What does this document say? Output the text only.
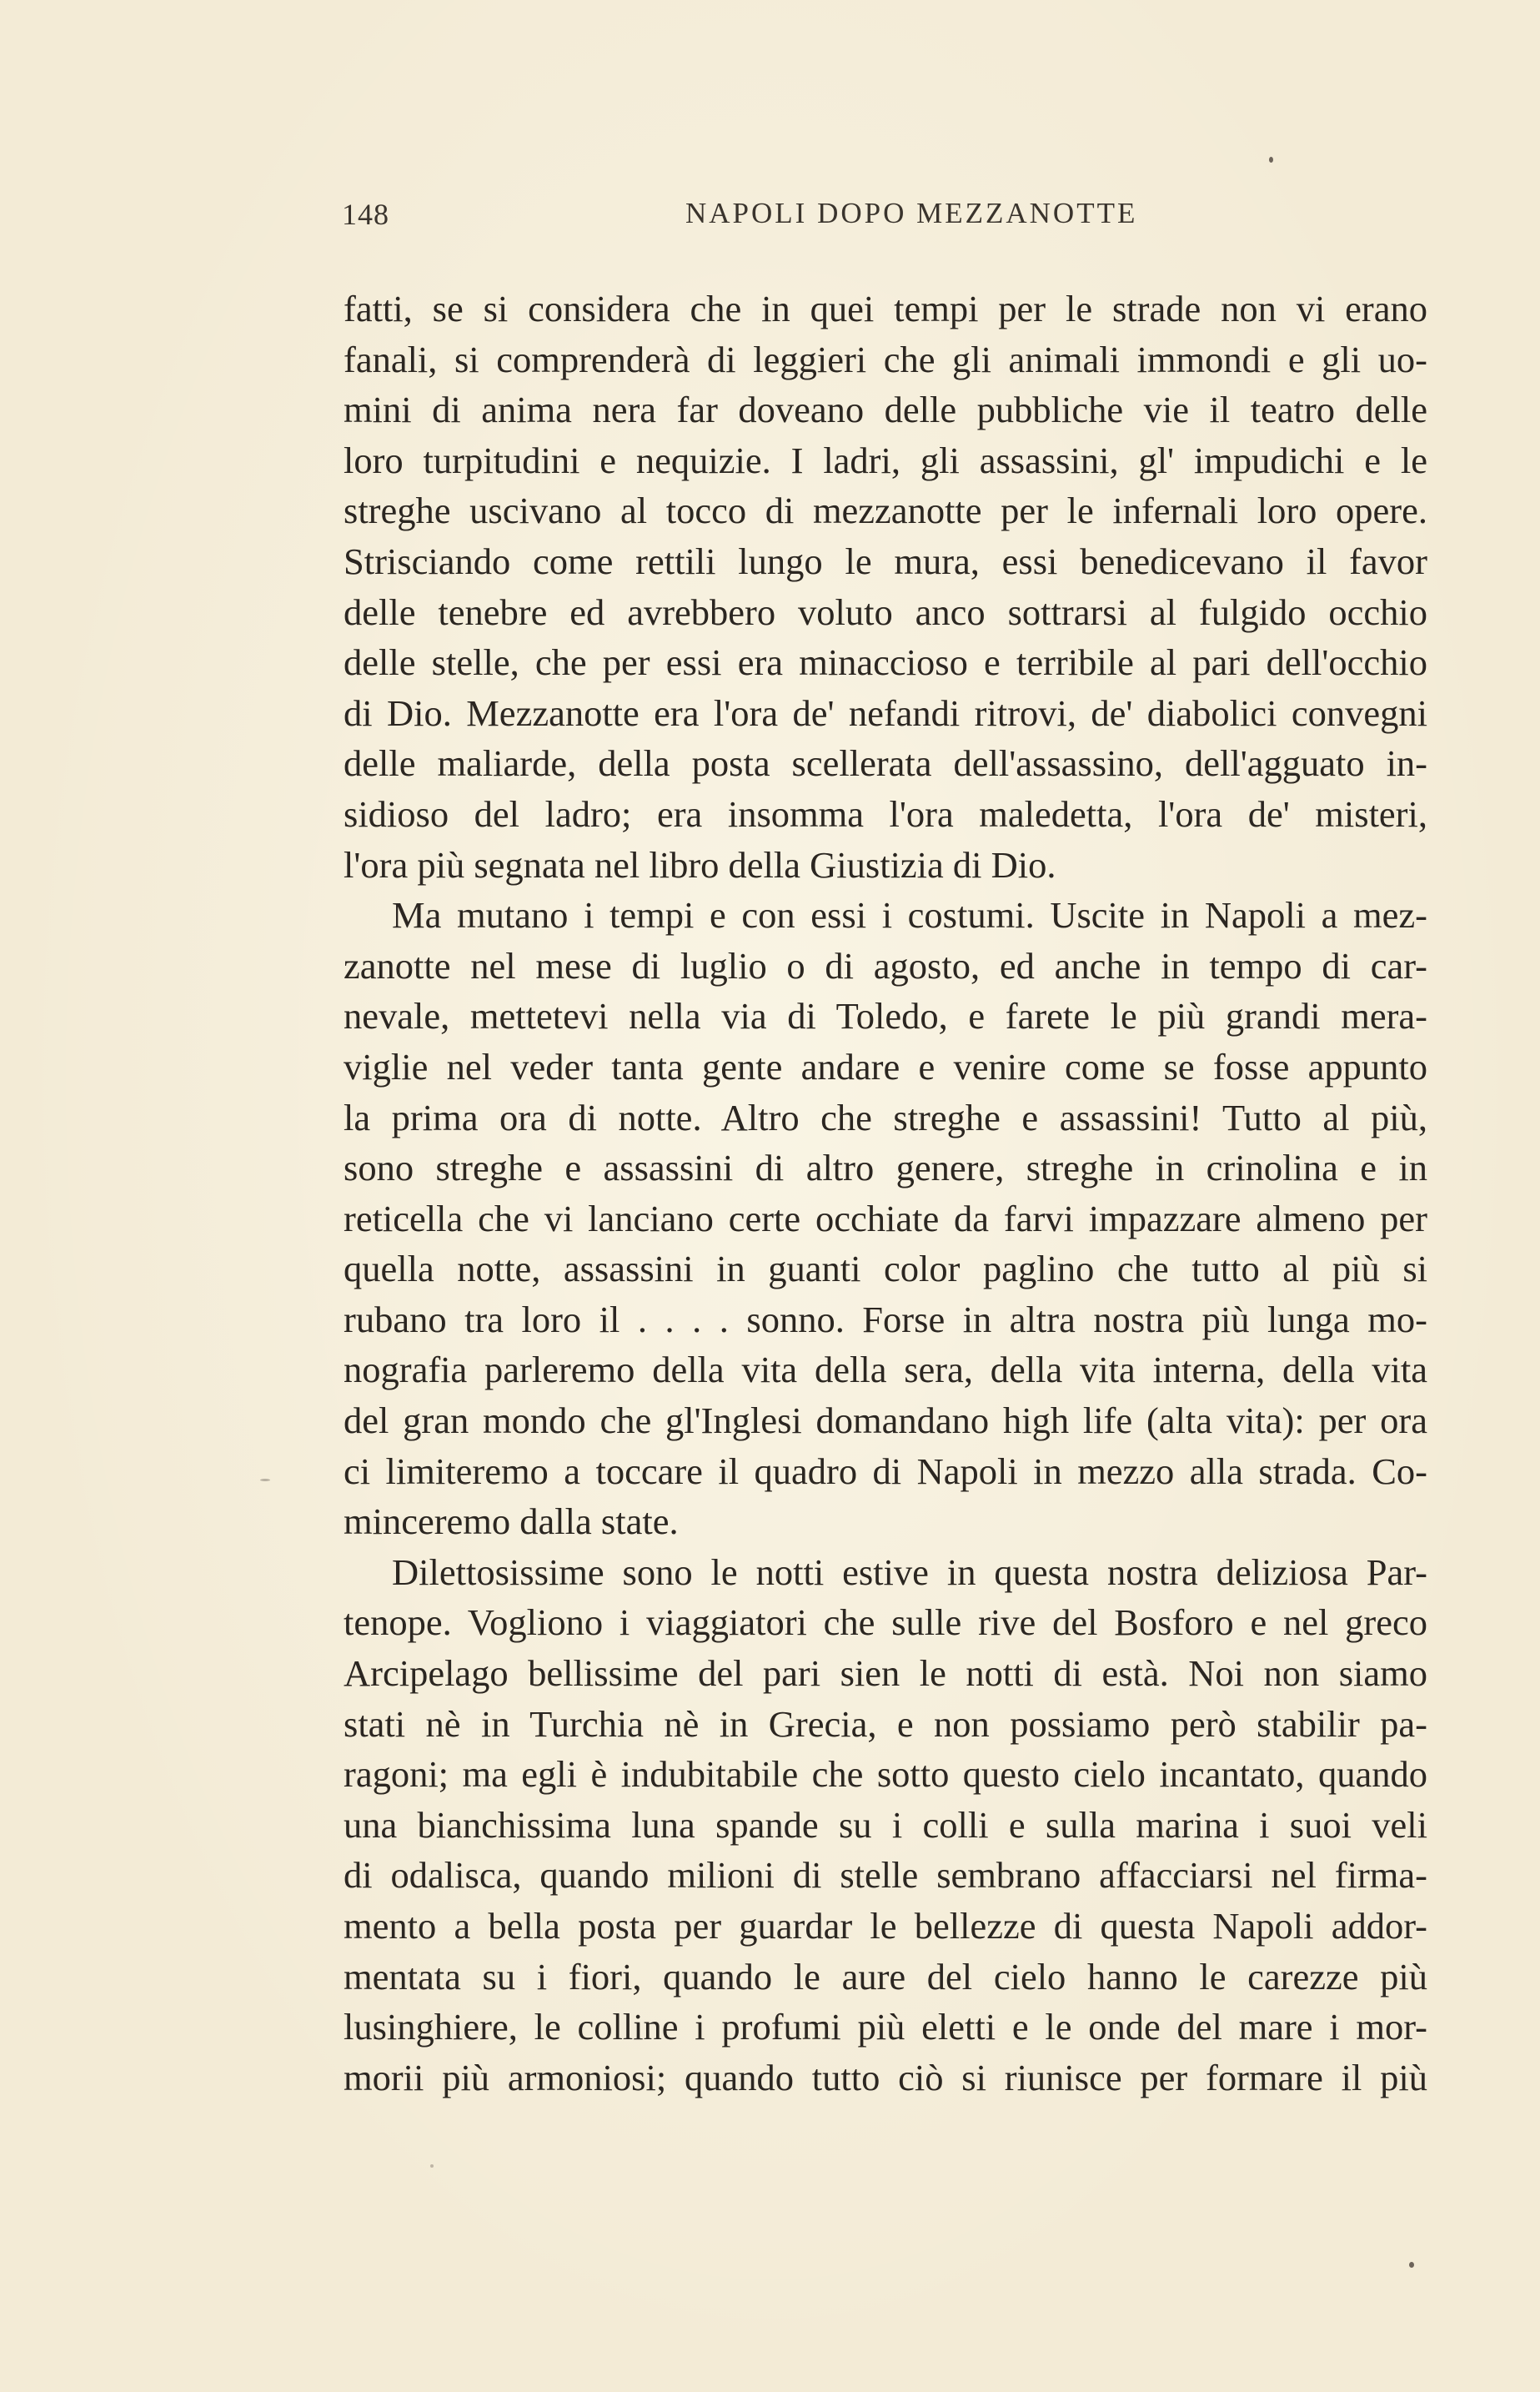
148	NAPOLI DOPO MEZZANOTTE
fatti, se si considera che in quei tempi per le strade non vi erano
fanali, si comprenderà di leggieri che gli animali immondi e gli uo-
mini di anima nera far doveano delle pubbliche vie il teatro delle
loro turpitudini e nequizie. I ladri, gli assassini, gl' impudichi e le
streghe uscivano al tocco di mezzanotte per le infernali loro opere.
Strisciando come rettili lungo le mura, essi benedicevano il favor
delle tenebre ed avrebbero voluto anco sottrarsi al fulgido occhio
delle stelle, che per essi era minaccioso e terribile al pari dell'occhio
di Dio. Mezzanotte era l'ora de' nefandi ritrovi, de' diabolici convegni
delle maliarde, della posta scellerata dell'assassino, dell'agguato in-
sidioso del ladro; era insomma l'ora maledetta, l'ora de' misteri,
l'ora più segnata nel libro della Giustizia di Dio.
Ma mutano i tempi e con essi i costumi. Uscite in Napoli a mez-
zanotte nel mese di luglio o di agosto, ed anche in tempo di car-
nevale, mettetevi nella via di Toledo, e farete le più grandi mera-
viglie nel veder tanta gente andare e venire come se fosse appunto
la prima ora di notte. Altro che streghe e assassini! Tutto al più,
sono streghe e assassini di altro genere, streghe in crinolina e in
reticella che vi lanciano certe occhiate da farvi impazzare almeno per
quella notte, assassini in guanti color paglino che tutto al più si
rubano tra loro il . . . . sonno. Forse in altra nostra più lunga mo-
nografia parleremo della vita della sera, della vita interna, della vita
del gran mondo che gl'Inglesi domandano high life (alta vita): per ora
ci limiteremo a toccare il quadro di Napoli in mezzo alla strada. Co-
minceremo dalla state.
Dilettosissime sono le notti estive in questa nostra deliziosa Par-
tenope. Vogliono i viaggiatori che sulle rive del Bosforo e nel greco
Arcipelago bellissime del pari sien le notti di està. Noi non siamo
stati nè in Turchia nè in Grecia, e non possiamo però stabilir pa-
ragoni; ma egli è indubitabile che sotto questo cielo incantato, quando
una bianchissima luna spande su i colli e sulla marina i suoi veli
di odalisca, quando milioni di stelle sembrano affacciarsi nel firma-
mento a bella posta per guardar le bellezze di questa Napoli addor-
mentata su i fiori, quando le aure del cielo hanno le carezze più
lusinghiere, le colline i profumi più eletti e le onde del mare i mor-
morii più armoniosi; quando tutto ciò si riunisce per formare il più
